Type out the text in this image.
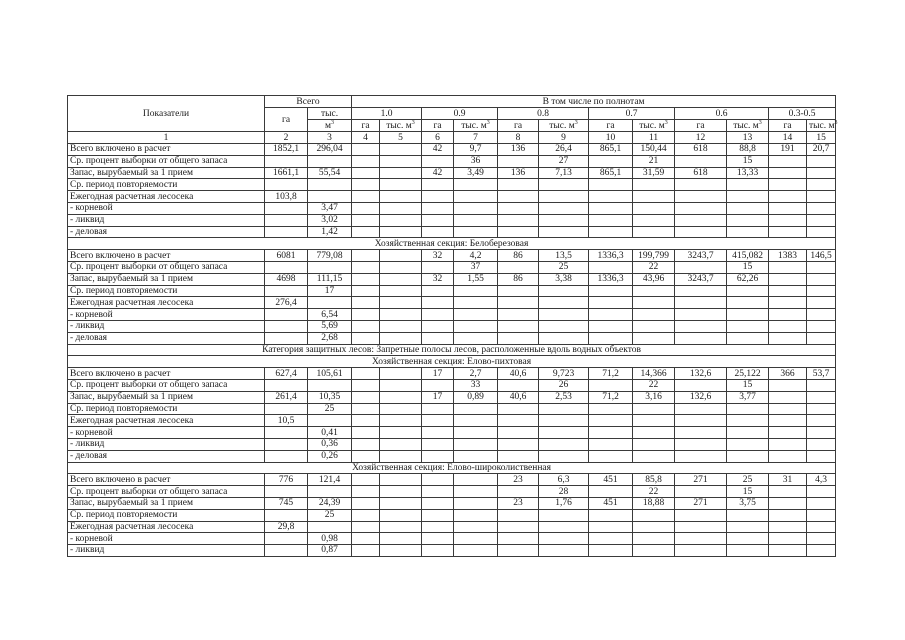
Показатели	Всего		В том числе по полнотам											
	га	тыс.	1.0		0.9		0.8		0.7		0.6		0.3-0.5	
		$м^3$	га	тыс. $м^3$	га	тыс. $м^3$	га	тыс. $м^3$	га	тыс. $м^3$	га	тыс. $м^3$	га	тыс. $м^3$
1	2	3	4	5	6	7	8	9	10	11	12	13	14	15
Всего включено в расчет	1852,1	296,04			42	9,7	136	26,4	865,1	150,44	618	88,8	191	20,7
Ср. процент выборки от общего запаса						36		27		21		15		
Запас, вырубаемый за 1 прием	1661,1	55,54			42	3,49	136	7,13	865,1	31,59	618	13,33		
Ср. период повторяемости														
Ежегодная расчетная лесосека	103,8													
- корневой		3,47												
- ликвид		3,02												
- деловая		1,42												
Хозяйственная секция: Белоберезовая														
Всего включено в расчет	6081	779,08			32	4,2	86	13,5	1336,3	199,799	3243,7	415,082	1383	146,5
Ср. процент выборки от общего запаса						37		25		22		15		
Запас, вырубаемый за 1 прием	4698	111,15			32	1,55	86	3,38	1336,3	43,96	3243,7	62,26		
Ср. период повторяемости		17												
Ежегодная расчетная лесосека	276,4													
- корневой		6,54												
- ликвид		5,69												
- деловая		2,68												
Категория защитных лесов: Запретные полосы лесов, расположенные вдоль водных объектов														
Хозяйственная секция: Елово-пихтовая														
Всего включено в расчет	627,4	105,61			17	2,7	40,6	9,723	71,2	14,366	132,6	25,122	366	53,7
Ср. процент выборки от общего запаса						33		26		22		15		
Запас, вырубаемый за 1 прием	261,4	10,35			17	0,89	40,6	2,53	71,2	3,16	132,6	3,77		
Ср. период повторяемости		25												
Ежегодная расчетная лесосека	10,5													
- корневой		0,41												
- ликвид		0,36												
- деловая		0,26												
Хозяйственная секция: Елово-широколиственная														
Всего включено в расчет	776	121,4					23	6,3	451	85,8	271	25	31	4,3
Ср. процент выборки от общего запаса								28		22		15		
Запас, вырубаемый за 1 прием	745	24,39					23	1,76	451	18,88	271	3,75		
Ср. период повторяемости		25												
Ежегодная расчетная лесосека	29,8													
- корневой		0,98												
- ликвид		0,87												
